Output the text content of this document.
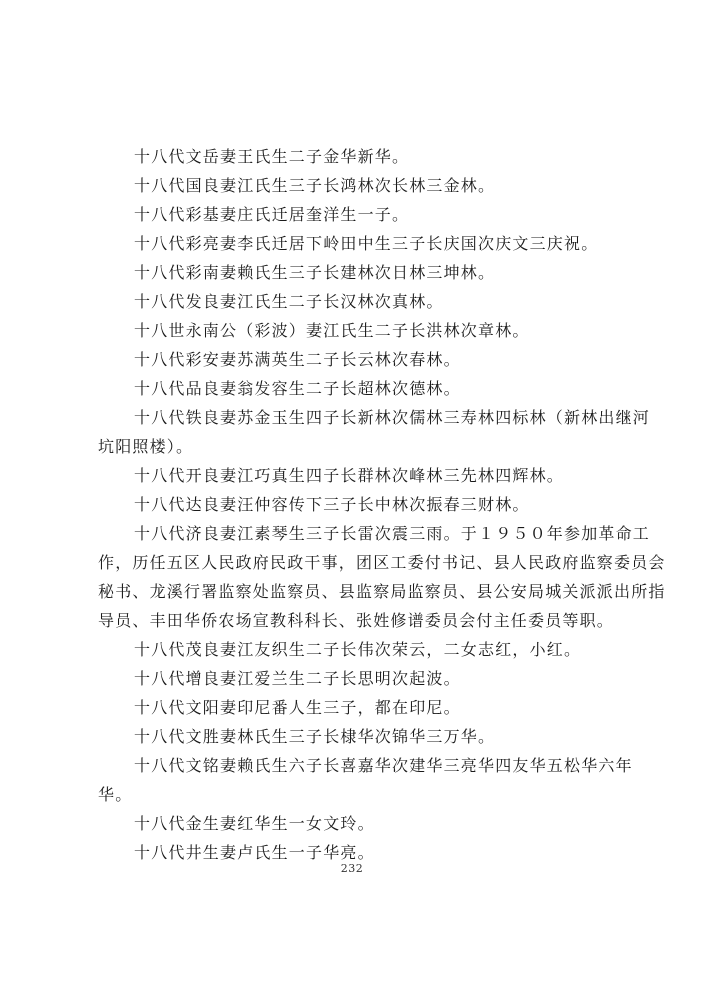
十八代文岳妻王氏生二子金华新华。

十八代国良妻江氏生三子长鸿林次长林三金林。

十八代彩基妻庄氏迁居奎洋生一子。

十八代彩亮妻李氏迁居下岭田中生三子长庆国次庆文三庆祝。

十八代彩南妻赖氏生三子长建林次日林三坤林。

十八代发良妻江氏生二子长汉林次真林。

十八世永南公（彩波）妻江氏生二子长洪林次章林。

十八代彩安妻苏满英生二子长云林次春林。

十八代品良妻翁发容生二子长超林次德林。

十八代铁良妻苏金玉生四子长新林次儒林三寿林四标林（新林出继河坑阳照楼）。

十八代开良妻江巧真生四子长群林次峰林三先林四辉林。

十八代达良妻汪仲容传下三子长中林次振春三财林。

十八代济良妻江素琴生三子长雷次震三雨。于１９５０年参加革命工作，历任五区人民政府民政干事，团区工委付书记、县人民政府监察委员会秘书、龙溪行署监察处监察员、县监察局监察员、县公安局城关派派出所指导员、丰田华侨农场宣教科科长、张姓修谱委员会付主任委员等职。

十八代茂良妻江友织生二子长伟次荣云，二女志红，小红。

十八代增良妻江爱兰生二子长思明次起波。

十八代文阳妻印尼番人生三子，都在印尼。

十八代文胜妻林氏生三子长棣华次锦华三万华。

十八代文铭妻赖氏生六子长喜嘉华次建华三亮华四友华五松华六年华。

十八代金生妻红华生一女文玲。

十八代井生妻卢氏生一子华亮。

232
